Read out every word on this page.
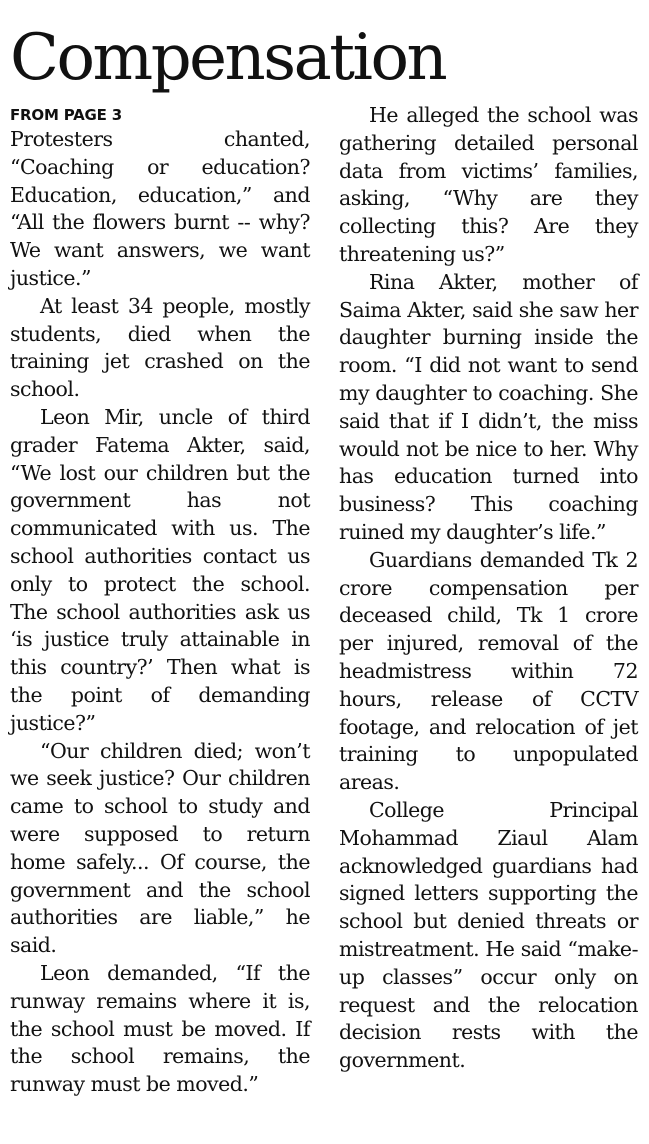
Compensation
FROM PAGE 3

Protesters chanted, “Coaching or education? Education, education,” and “All the flowers burnt -- why? We want answers, we want justice.”

At least 34 people, mostly students, died when the training jet crashed on the school.

Leon Mir, uncle of third grader Fatema Akter, said, “We lost our children but the government has not communicated with us. The school authorities contact us only to protect the school. The school authorities ask us ‘is justice truly attainable in this country?’ Then what is the point of demanding justice?”

“Our children died; won’t we seek justice? Our children came to school to study and were supposed to return home safely... Of course, the government and the school authorities are liable,” he said.

Leon demanded, “If the runway remains where it is, the school must be moved. If the school remains, the runway must be moved.”

He alleged the school was gathering detailed personal data from victims’ families, asking, “Why are they collecting this? Are they threatening us?”

Rina Akter, mother of Saima Akter, said she saw her daughter burning inside the room. “I did not want to send my daughter to coaching. She said that if I didn’t, the miss would not be nice to her. Why has education turned into business? This coaching ruined my daughter’s life.”

Guardians demanded Tk 2 crore compensation per deceased child, Tk 1 crore per injured, removal of the headmistress within 72 hours, release of CCTV footage, and relocation of jet training to unpopulated areas.

College Principal Mohammad Ziaul Alam acknowledged guardians had signed letters supporting the school but denied threats or mistreatment. He said “make-up classes” occur only on request and the relocation decision rests with the government.
